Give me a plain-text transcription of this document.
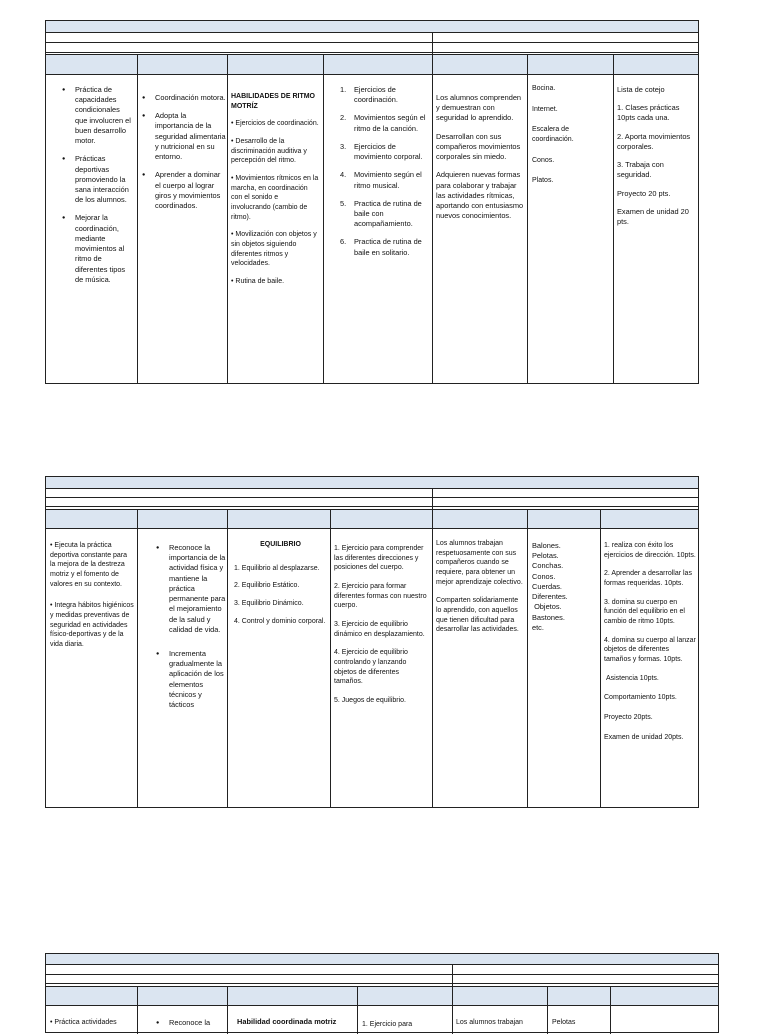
● Práctica de capacidades condicionales que involucren el buen desarrollo motor.
● Prácticas deportivas promoviendo la sana interacción de los alumnos.
● Mejorar la coordinación, mediante movimientos al ritmo de diferentes tipos de música.
● Coordinación motora.
● Adopta la importancia de la seguridad alimentaria y nutricional en su entorno.
● Aprender a dominar el cuerpo al lograr giros y movimientos coordinados.

HABILIDADES DE RITMO MOTRÍZ

• Ejercicios de coordinación.

• Desarrollo de la discriminación auditiva y percepción del ritmo.

• Movimientos rítmicos en la marcha, en coordinación con el sonido e involucrando (cambio de ritmo).

• Movilización con objetos y sin objetos siguiendo diferentes ritmos y velocidades.

• Rutina de baile.

1. Ejercicios de coordinación.
2. Movimientos según el ritmo de la canción.
3. Ejercicios de movimiento corporal.
4. Movimiento según el ritmo musical.
5. Practica de rutina de baile con acompañamiento.
6. Practica de rutina de baile en solitario.

Los alumnos comprenden y demuestran con seguridad lo aprendido.

Desarrollan con sus compañeros movimientos corporales sin miedo.

Adquieren nuevas formas para colaborar y trabajar las actividades rítmicas, aportando con entusiasmo nuevos conocimientos.

Bocina.

Internet.

Escalera de coordinación.

Conos.

Platos.

Lista de cotejo

1. Clases prácticas 10pts cada una.

2. Aporta movimientos corporales.

3. Trabaja con seguridad.

Proyecto 20 pts.

Examen de unidad 20 pts.

• Ejecuta la práctica deportiva constante para la mejora de la destreza motriz y el fomento de valores en su contexto.

• Integra hábitos higiénicos y medidas preventivas de seguridad en actividades físico-deportivas y de la vida diaria.

● Reconoce la importancia de la actividad física y mantiene la práctica permanente para el mejoramiento de la salud y calidad de vida.
● Incrementa gradualmente la aplicación de los elementos técnicos y tácticos

EQUILIBRIO

1. Equilibrio al desplazarse.

2. Equilibrio Estático.

3. Equilibrio Dinámico.

4. Control y dominio corporal.

1. Ejercicio para comprender las diferentes direcciones y posiciones del cuerpo.

2. Ejercicio para formar diferentes formas con nuestro cuerpo.

3. Ejercicio de equilibrio dinámico en desplazamiento.

4. Ejercicio de equilibrio controlando y lanzando objetos de diferentes tamaños.

5. Juegos de equilibrio.

Los alumnos trabajan respetuosamente con sus compañeros cuando se requiere, para obtener un mejor aprendizaje colectivo.

Comparten solidariamente lo aprendido, con aquellos que tienen dificultad para desarrollar las actividades.

Balones.

Pelotas.

Conchas.

Conos.

Cuerdas.

Diferentes.

Objetos.

Bastones.

etc.

1. realiza con éxito los ejercicios de dirección. 10pts.

2. Aprender a desarrollar las formas requeridas. 10pts.

3. domina su cuerpo en función del equilibrio en el cambio de ritmo 10pts.

4. domina su cuerpo al lanzar objetos de diferentes tamaños y formas. 10pts.

Asistencia 10pts.

Comportamiento 10pts.

Proyecto 20pts.

Examen de unidad 20pts.

• Práctica actividades
●	Reconoce la	Habilidad coordinada motriz	1. Ejercicio para	Los alumnos trabajan	Pelotas
